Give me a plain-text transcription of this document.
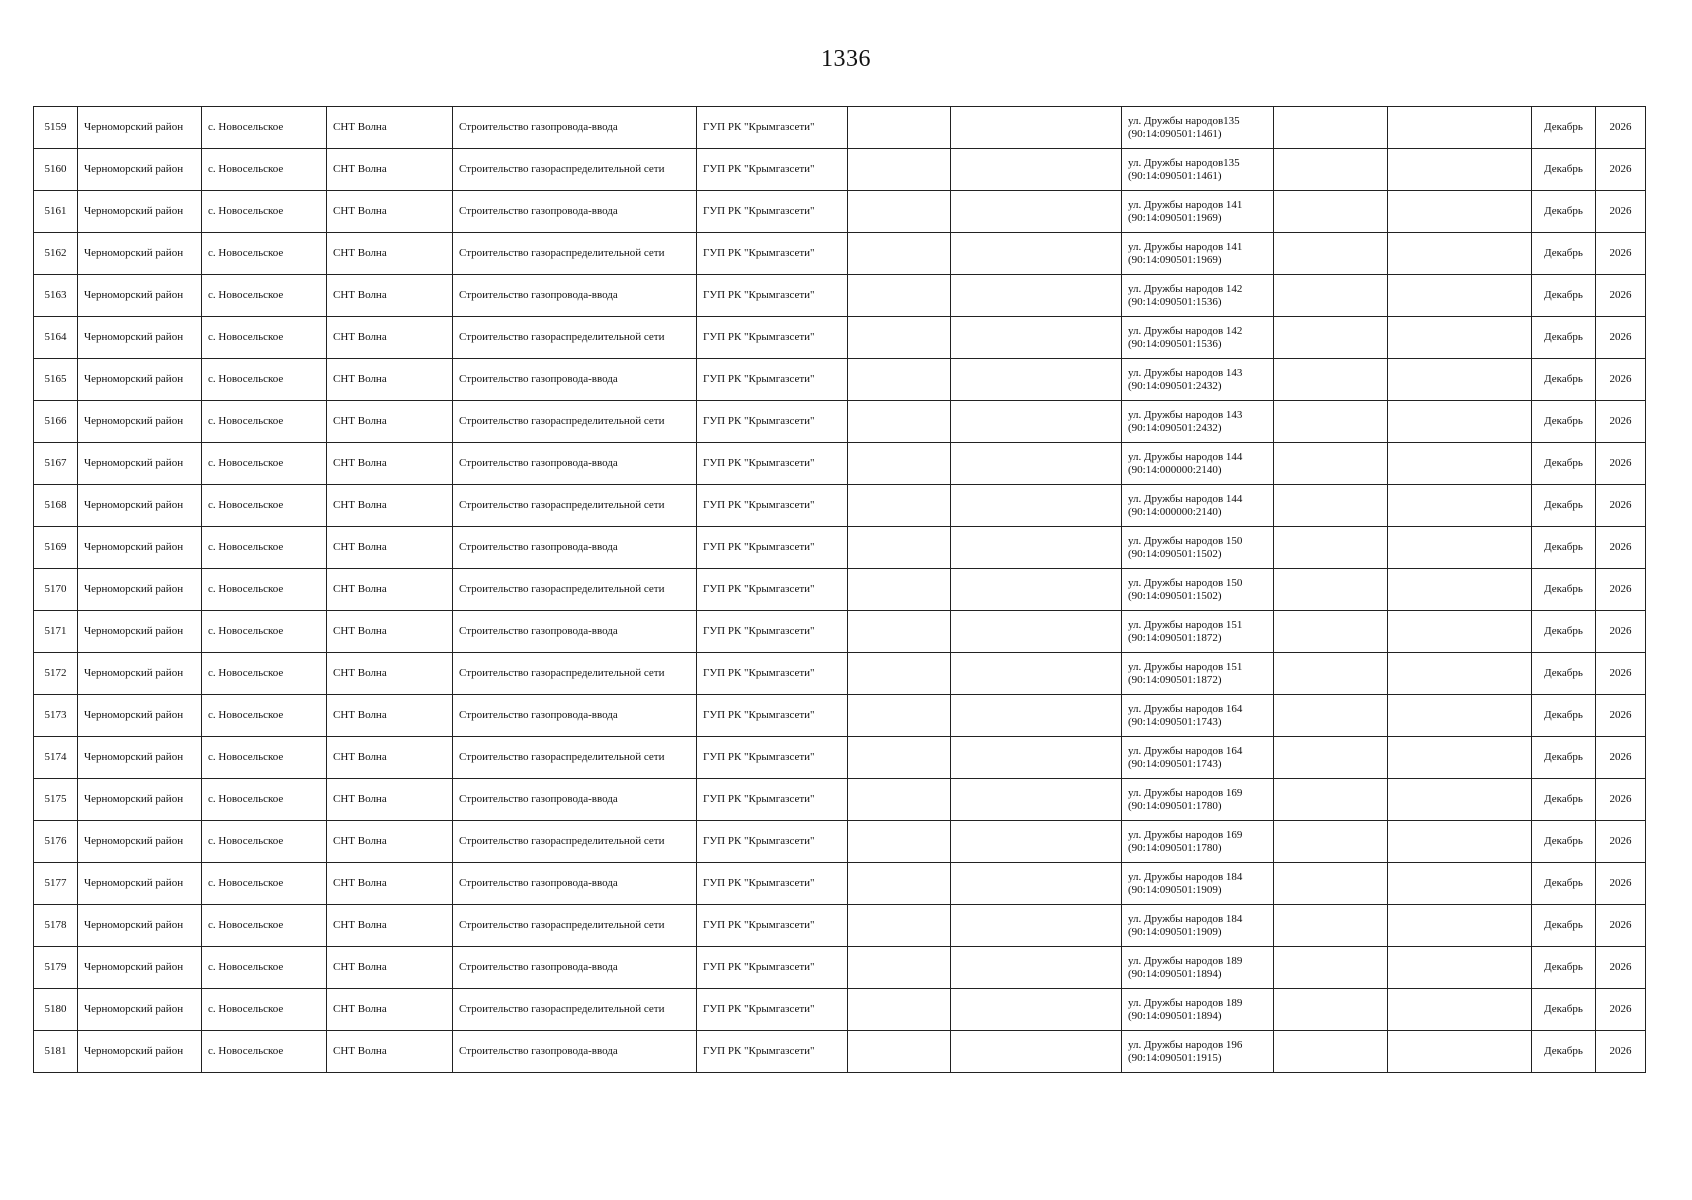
1336
5159	Черноморский район	с. Новосельское	СНТ Волна	Строительство газопровода-ввода	ГУП РК "Крымгазсети"			ул. Дружбы народов135 (90:14:090501:1461)			Декабрь	2026
5160	Черноморский район	с. Новосельское	СНТ Волна	Строительство газораспределительной сети	ГУП РК "Крымгазсети"			ул. Дружбы народов135 (90:14:090501:1461)			Декабрь	2026
5161	Черноморский район	с. Новосельское	СНТ Волна	Строительство газопровода-ввода	ГУП РК "Крымгазсети"			ул. Дружбы народов 141 (90:14:090501:1969)			Декабрь	2026
5162	Черноморский район	с. Новосельское	СНТ Волна	Строительство газораспределительной сети	ГУП РК "Крымгазсети"			ул. Дружбы народов 141 (90:14:090501:1969)			Декабрь	2026
5163	Черноморский район	с. Новосельское	СНТ Волна	Строительство газопровода-ввода	ГУП РК "Крымгазсети"			ул. Дружбы народов 142 (90:14:090501:1536)			Декабрь	2026
5164	Черноморский район	с. Новосельское	СНТ Волна	Строительство газораспределительной сети	ГУП РК "Крымгазсети"			ул. Дружбы народов 142 (90:14:090501:1536)			Декабрь	2026
5165	Черноморский район	с. Новосельское	СНТ Волна	Строительство газопровода-ввода	ГУП РК "Крымгазсети"			ул. Дружбы народов 143 (90:14:090501:2432)			Декабрь	2026
5166	Черноморский район	с. Новосельское	СНТ Волна	Строительство газораспределительной сети	ГУП РК "Крымгазсети"			ул. Дружбы народов 143 (90:14:090501:2432)			Декабрь	2026
5167	Черноморский район	с. Новосельское	СНТ Волна	Строительство газопровода-ввода	ГУП РК "Крымгазсети"			ул. Дружбы народов 144 (90:14:000000:2140)			Декабрь	2026
5168	Черноморский район	с. Новосельское	СНТ Волна	Строительство газораспределительной сети	ГУП РК "Крымгазсети"			ул. Дружбы народов 144 (90:14:000000:2140)			Декабрь	2026
5169	Черноморский район	с. Новосельское	СНТ Волна	Строительство газопровода-ввода	ГУП РК "Крымгазсети"			ул. Дружбы народов 150 (90:14:090501:1502)			Декабрь	2026
5170	Черноморский район	с. Новосельское	СНТ Волна	Строительство газораспределительной сети	ГУП РК "Крымгазсети"			ул. Дружбы народов 150 (90:14:090501:1502)			Декабрь	2026
5171	Черноморский район	с. Новосельское	СНТ Волна	Строительство газопровода-ввода	ГУП РК "Крымгазсети"			ул. Дружбы народов 151 (90:14:090501:1872)			Декабрь	2026
5172	Черноморский район	с. Новосельское	СНТ Волна	Строительство газораспределительной сети	ГУП РК "Крымгазсети"			ул. Дружбы народов 151 (90:14:090501:1872)			Декабрь	2026
5173	Черноморский район	с. Новосельское	СНТ Волна	Строительство газопровода-ввода	ГУП РК "Крымгазсети"			ул. Дружбы народов 164 (90:14:090501:1743)			Декабрь	2026
5174	Черноморский район	с. Новосельское	СНТ Волна	Строительство газораспределительной сети	ГУП РК "Крымгазсети"			ул. Дружбы народов 164 (90:14:090501:1743)			Декабрь	2026
5175	Черноморский район	с. Новосельское	СНТ Волна	Строительство газопровода-ввода	ГУП РК "Крымгазсети"			ул. Дружбы народов 169 (90:14:090501:1780)			Декабрь	2026
5176	Черноморский район	с. Новосельское	СНТ Волна	Строительство газораспределительной сети	ГУП РК "Крымгазсети"			ул. Дружбы народов 169 (90:14:090501:1780)			Декабрь	2026
5177	Черноморский район	с. Новосельское	СНТ Волна	Строительство газопровода-ввода	ГУП РК "Крымгазсети"			ул. Дружбы народов 184 (90:14:090501:1909)			Декабрь	2026
5178	Черноморский район	с. Новосельское	СНТ Волна	Строительство газораспределительной сети	ГУП РК "Крымгазсети"			ул. Дружбы народов 184 (90:14:090501:1909)			Декабрь	2026
5179	Черноморский район	с. Новосельское	СНТ Волна	Строительство газопровода-ввода	ГУП РК "Крымгазсети"			ул. Дружбы народов 189 (90:14:090501:1894)			Декабрь	2026
5180	Черноморский район	с. Новосельское	СНТ Волна	Строительство газораспределительной сети	ГУП РК "Крымгазсети"			ул. Дружбы народов 189 (90:14:090501:1894)			Декабрь	2026
5181	Черноморский район	с. Новосельское	СНТ Волна	Строительство газопровода-ввода	ГУП РК "Крымгазсети"			ул. Дружбы народов 196 (90:14:090501:1915)			Декабрь	2026
